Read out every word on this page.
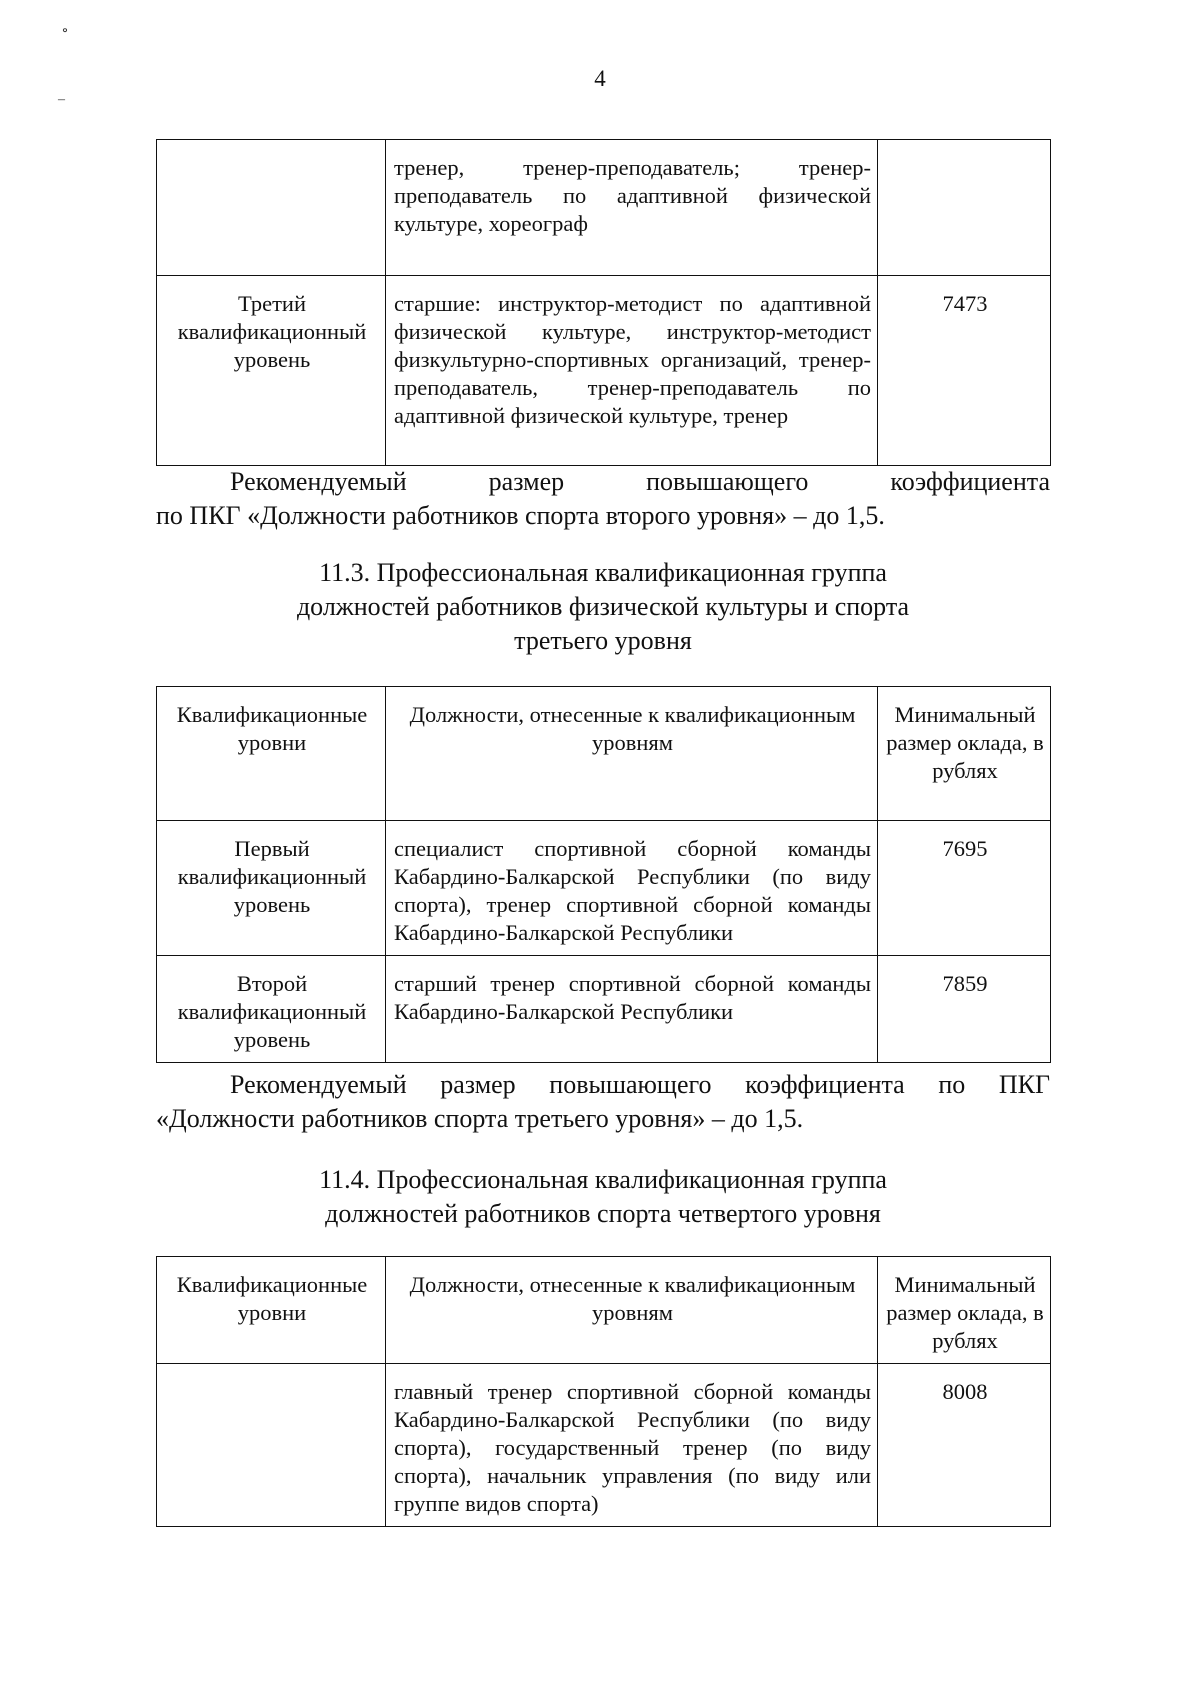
॰
–
4
	тренер, тренер-преподаватель; тренер-преподаватель по адаптивной физической культуре, хореограф	
Третий квалификационный уровень	старшие: инструктор-методист по адаптивной физической культуре, инструктор-методист физкультурно-спортивных организаций, тренер-преподаватель, тренер-преподаватель по адаптивной физической культуре, тренер	7473
Рекомендуемый размер повышающего коэффициента
по ПКГ «Должности работников спорта второго уровня» – до 1,5.
11.3. Профессиональная квалификационная группа
должностей работников физической культуры и спорта
третьего уровня
Квалификационные уровни	Должности, отнесенные к квалификационным уровням	Минимальный размер оклада, в рублях
Первый квалификационный уровень	специалист спортивной сборной команды Кабардино-Балкарской Республики (по виду спорта), тренер спортивной сборной команды Кабардино-Балкарской Республики	7695
Второй квалификационный уровень	старший тренер спортивной сборной команды Кабардино-Балкарской Республики	7859
Рекомендуемый размер повышающего коэффициента по ПКГ
«Должности работников спорта третьего уровня» – до 1,5.
11.4. Профессиональная квалификационная группа
должностей работников спорта четвертого уровня
Квалификационные уровни	Должности, отнесенные к квалификационным уровням	Минимальный размер оклада, в рублях
	главный тренер спортивной сборной команды Кабардино-Балкарской Республики (по виду спорта), государственный тренер (по виду спорта), начальник управления (по виду или группе видов спорта)	8008
